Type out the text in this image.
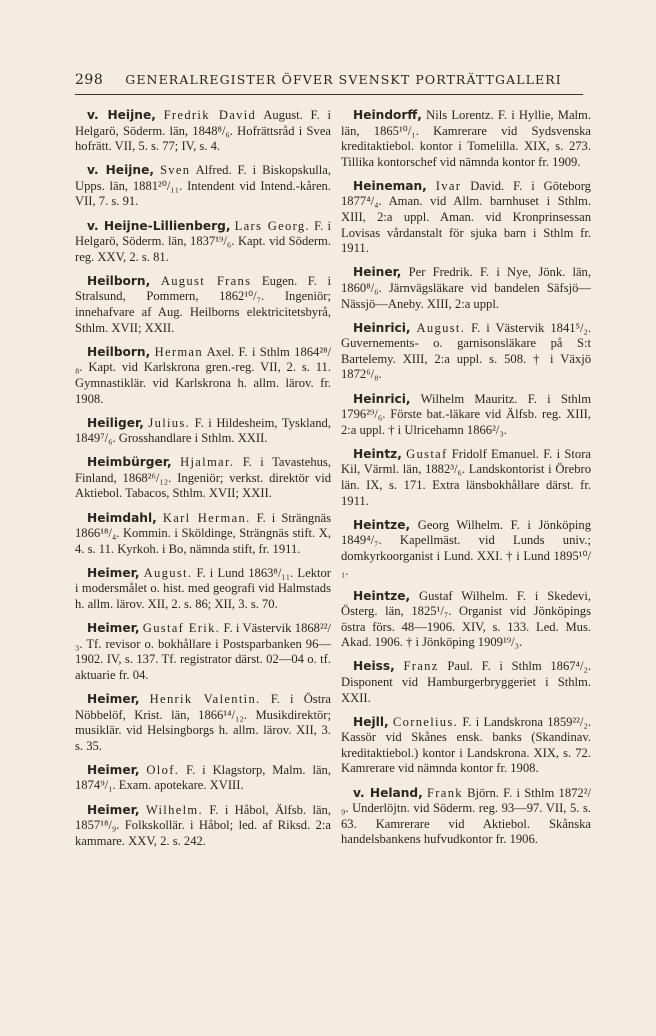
298 GENERALREGISTER ÖFVER SVENSKT PORTRÄTTGALLERI

v. Heijne, Fredrik David August. F. i Helgarö, Söderm. län, 1848⁸/₆. Hofrättsråd i Svea hofrätt. VII, 5. s. 77; IV, s. 4.

v. Heijne, Sven Alfred. F. i Biskopskulla, Upps. län, 1881²⁰/₁₁. Intendent vid Intend.-kåren. VII, 7. s. 91.

v. Heijne-Lillienberg, Lars Georg. F. i Helgarö, Söderm. län, 1837¹⁹/₆. Kapt. vid Söderm. reg. XXV, 2. s. 81.

Heilborn, August Frans Eugen. F. i Stralsund, Pommern, 1862¹⁰/₇. Ingeniör; innehafvare af Aug. Heilborns elektricitetsbyrå, Sthlm. XVII; XXII.

Heilborn, Herman Axel. F. i Sthlm 1864²⁸/₈. Kapt. vid Karlskrona gren.-reg. VII, 2. s. 11. Gymnastiklär. vid Karlskrona h. allm. lärov. fr. 1908.

Heiliger, Julius. F. i Hildesheim, Tyskland, 1849⁷/₆. Grosshandlare i Sthlm. XXII.

Heimbürger, Hjalmar. F. i Tavastehus, Finland, 1868²⁶/₁₂. Ingeniör; verkst. direktör vid Aktiebol. Tabacos, Sthlm. XVII; XXII.

Heimdahl, Karl Herman. F. i Strängnäs 1866¹⁸/₄. Kommin. i Sköldinge, Strängnäs stift. X, 4. s. 11. Kyrkoh. i Bo, nämnda stift, fr. 1911.

Heimer, August. F. i Lund 1863⁸/₁₁. Lektor i modersmålet o. hist. med geografi vid Halmstads h. allm. lärov. XII, 2. s. 86; XII, 3. s. 70.

Heimer, Gustaf Erik. F. i Västervik 1868²²/₃. Tf. revisor o. bokhållare i Postsparbanken 96—1902. IV, s. 137. Tf. registrator därst. 02—04 o. tf. aktuarie fr. 04.

Heimer, Henrik Valentin. F. i Östra Nöbbelöf, Krist. län, 1866¹⁴/₁₂. Musikdirektör; musiklär. vid Helsingborgs h. allm. lärov. XII, 3. s. 35.

Heimer, Olof. F. i Klagstorp, Malm. län, 1874⁹/₁. Exam. apotekare. XVIII.

Heimer, Wilhelm. F. i Håbol, Älfsb. län, 1857¹⁸/₉. Folkskollär. i Håbol; led. af Riksd. 2:a kammare. XXV, 2. s. 242.

Heindorff, Nils Lorentz. F. i Hyllie, Malm. län, 1865¹⁰/₁. Kamrerare vid Sydsvenska kreditaktiebol. kontor i Tomelilla. XIX, s. 273. Tillika kontorschef vid nämnda kontor fr. 1909.

Heineman, Ivar David. F. i Göteborg 1877⁴/₄. Aman. vid Allm. barnhuset i Sthlm. XIII, 2:a uppl. Aman. vid Kronprinsessan Lovisas vårdanstalt för sjuka barn i Sthlm fr. 1911.

Heiner, Per Fredrik. F. i Nye, Jönk. län, 1860⁸/₆. Järnvägsläkare vid bandelen Säfsjö—Nässjö—Aneby. XIII, 2:a uppl.

Heinrici, August. F. i Västervik 1841⁵/₂. Guvernements- o. garnisonsläkare på S:t Bartelemy. XIII, 2:a uppl. s. 508. † i Växjö 1872⁶/₈.

Heinrici, Wilhelm Mauritz. F. i Sthlm 1796²⁹/₆. Förste bat.-läkare vid Älfsb. reg. XIII, 2:a uppl. † i Ulricehamn 1866²/₃.

Heintz, Gustaf Fridolf Emanuel. F. i Stora Kil, Värml. län, 1882³/₆. Landskontorist i Örebro län. IX, s. 171. Extra länsbokhållare därst. fr. 1911.

Heintze, Georg Wilhelm. F. i Jönköping 1849⁴/₇. Kapellmäst. vid Lunds univ.; domkyrkoorganist i Lund. XXI. † i Lund 1895¹⁰/₁.

Heintze, Gustaf Wilhelm. F. i Skedevi, Österg. län, 1825¹/₇. Organist vid Jönköpings östra förs. 48—1906. XIV, s. 133. Led. Mus. Akad. 1906. † i Jönköping 1909¹⁹/₃.

Heiss, Franz Paul. F. i Sthlm 1867⁴/₂. Disponent vid Hamburgerbryggeriet i Sthlm. XXII.

Hejll, Cornelius. F. i Landskrona 1859²²/₂. Kassör vid Skånes ensk. banks (Skandinav. kreditaktiebol.) kontor i Landskrona. XIX, s. 72. Kamrerare vid nämnda kontor fr. 1908.

v. Heland, Frank Björn. F. i Sthlm 1872²/₉. Underlöjtn. vid Söderm. reg. 93—97. VII, 5. s. 63. Kamrerare vid Aktiebol. Skånska handelsbankens hufvudkontor fr. 1906.
